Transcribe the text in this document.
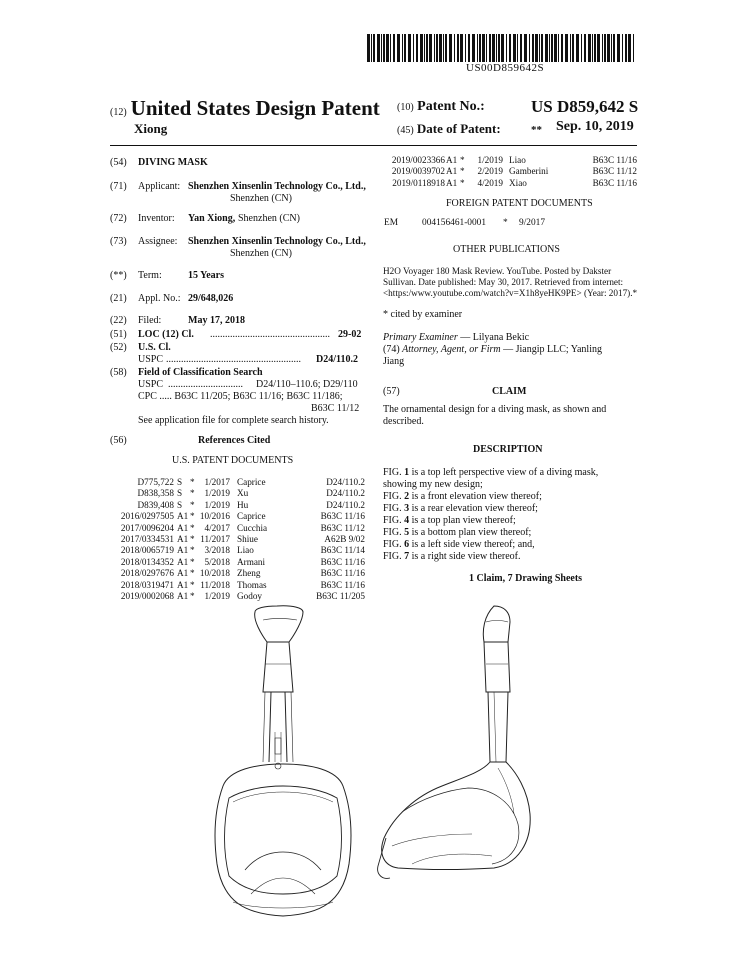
US00D859642S
(12) United States Design Patent
Xiong
(10) Patent No.:	US D859,642 S
(45) Date of Patent:	** Sep. 10, 2019
(54) DIVING MASK
(71) Applicant: Shenzhen Xinsenlin Technology Co., Ltd.,
Shenzhen (CN)
(72) Inventor: Yan Xiong, Shenzhen (CN)
(73) Assignee: Shenzhen Xinsenlin Technology Co., Ltd.,
Shenzhen (CN)
(**) Term:	15 Years
(21) Appl. No.: 29/648,026
(22) Filed:	May 17, 2018
(51) LOC (12) Cl. ................................................ 29-02
(52) U.S. Cl.
USPC ......................................................	D24/110.2
(58) Field of Classification Search
USPC ..............................	D24/110–110.6; D29/110
CPC ..... B63C 11/205; B63C 11/16; B63C 11/186;
B63C 11/12
See application file for complete search history.
(56)	References Cited
U.S. PATENT DOCUMENTS
D775,722 S *	1/2017 Caprice	D24/110.2
D838,358 S *	1/2019 Xu	D24/110.2
D839,408 S *	1/2019 Hu	D24/110.2
2016/0297505 A1 * 10/2016 Caprice	B63C 11/16
2017/0096204 A1 *	4/2017 Cucchia	B63C 11/12
2017/0334531 A1 * 11/2017 Shiue	A62B 9/02
2018/0065719 A1 *	3/2018 Liao	B63C 11/14
2018/0134352 A1 *	5/2018 Armani	B63C 11/16
2018/0297676 A1 * 10/2018 Zheng	B63C 11/16
2018/0319471 A1 * 11/2018 Thomas	B63C 11/16
2019/0002068 A1 *	1/2019 Godoy	B63C 11/205
2019/0023366 A1 *	1/2019 Liao	B63C 11/16
2019/0039702 A1 *	2/2019 Gamberini	B63C 11/12
2019/0118918 A1 *	4/2019 Xiao	B63C 11/16
FOREIGN PATENT DOCUMENTS
EM	004156461-0001 * 9/2017
OTHER PUBLICATIONS
H2O Voyager 180 Mask Review. YouTube. Posted by Dakster
Sullivan. Date published: May 30, 2017. Retrieved from internet:
<https:/www.youtube.com/watch?v=X1h8yeHK9PE> (Year: 2017).*
* cited by examiner
Primary Examiner — Lilyana Bekic
(74) Attorney, Agent, or Firm — Jiangip LLC; Yanling
Jiang
(57)	CLAIM
The ornamental design for a diving mask, as shown and
described.
DESCRIPTION
FIG. 1 is a top left perspective view of a diving mask,
showing my new design;
FIG. 2 is a front elevation view thereof;
FIG. 3 is a rear elevation view thereof;
FIG. 4 is a top plan view thereof;
FIG. 5 is a bottom plan view thereof;
FIG. 6 is a left side view thereof; and,
FIG. 7 is a right side view thereof.
1 Claim, 7 Drawing Sheets
